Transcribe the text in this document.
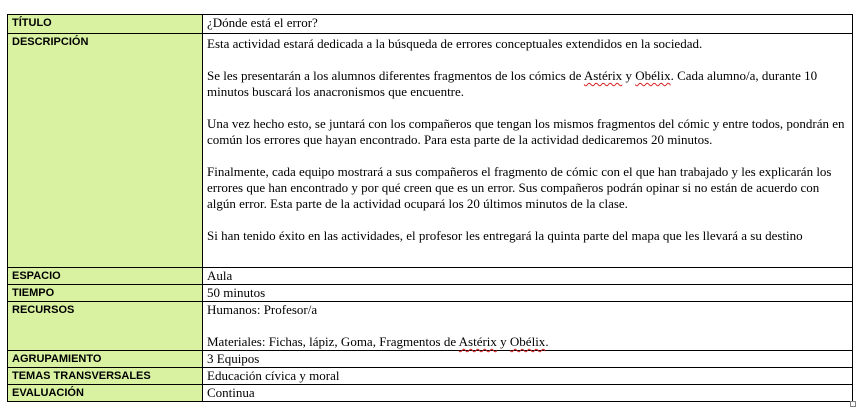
TÍTULO	¿Dónde está el error?
DESCRIPCIÓN	Esta actividad estará dedicada a la búsqueda de errores conceptuales extendidos en la sociedad.

Se les presentarán a los alumnos diferentes fragmentos de los cómics de Astérix y Obélix. Cada alumno/a, durante 10 minutos buscará los anacronismos que encuentre.

Una vez hecho esto, se juntará con los compañeros que tengan los mismos fragmentos del cómic y entre todos, pondrán en común los errores que hayan encontrado. Para esta parte de la actividad dedicaremos 20 minutos.

Finalmente, cada equipo mostrará a sus compañeros el fragmento de cómic con el que han trabajado y les explicarán los errores que han encontrado y por qué creen que es un error. Sus compañeros podrán opinar si no están de acuerdo con algún error. Esta parte de la actividad ocupará los 20 últimos minutos de la clase.

Si han tenido éxito en las actividades, el profesor les entregará la quinta parte del mapa que les llevará a su destino

ESPACIO	Aula
TIEMPO	50 minutos
RECURSOS	Humanos: Profesor/a
Materiales: Fichas, lápiz, Goma, Fragmentos de Astérix y Obélix.

AGRUPAMIENTO	3 Equipos
TEMAS TRANSVERSALES	Educación cívica y moral
EVALUACIÓN	Continua
